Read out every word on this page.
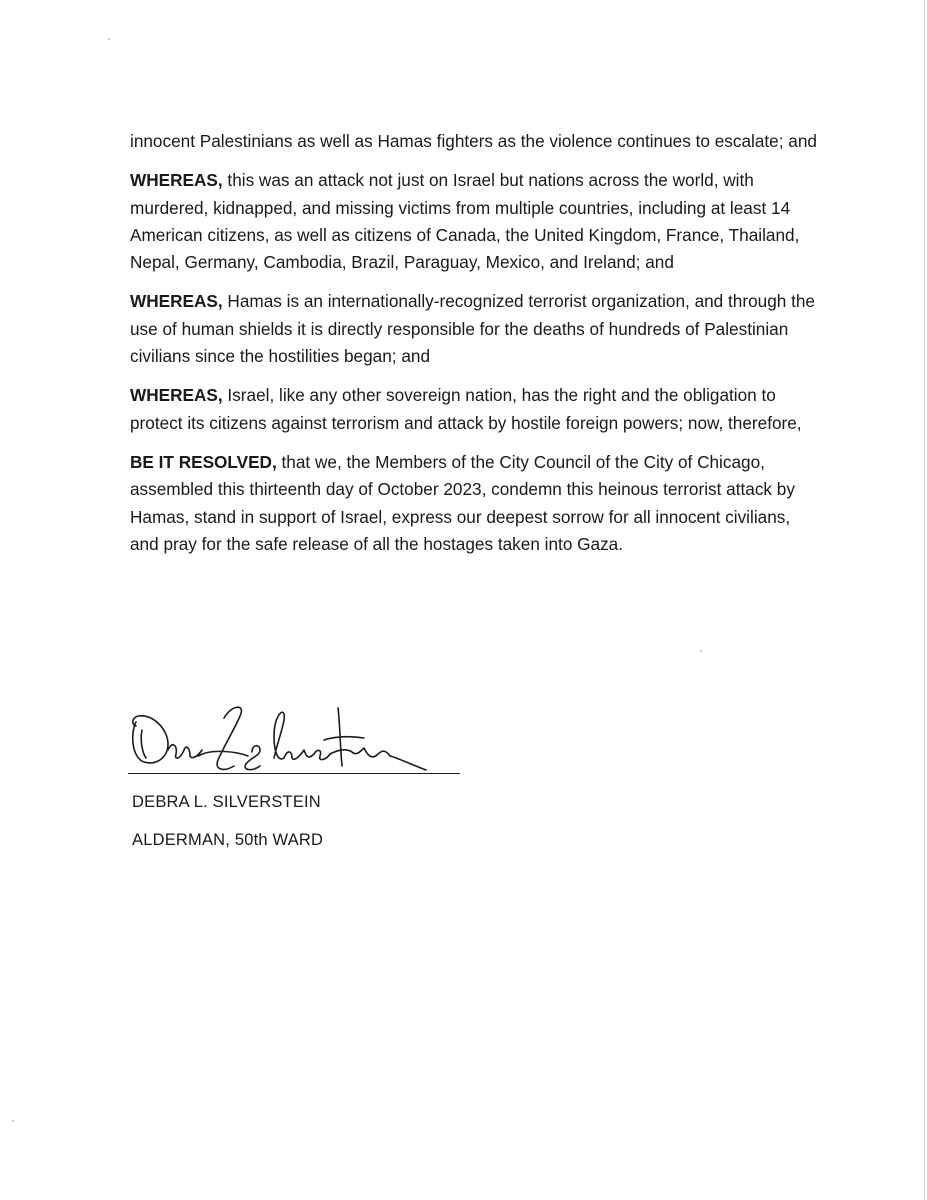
innocent Palestinians as well as Hamas fighters as the violence continues to escalate; and

WHEREAS, this was an attack not just on Israel but nations across the world, with murdered, kidnapped, and missing victims from multiple countries, including at least 14 American citizens, as well as citizens of Canada, the United Kingdom, France, Thailand, Nepal, Germany, Cambodia, Brazil, Paraguay, Mexico, and Ireland; and

WHEREAS, Hamas is an internationally-recognized terrorist organization, and through the use of human shields it is directly responsible for the deaths of hundreds of Palestinian civilians since the hostilities began; and

WHEREAS, Israel, like any other sovereign nation, has the right and the obligation to protect its citizens against terrorism and attack by hostile foreign powers; now, therefore,

BE IT RESOLVED, that we, the Members of the City Council of the City of Chicago, assembled this thirteenth day of October 2023, condemn this heinous terrorist attack by Hamas, stand in support of Israel, express our deepest sorrow for all innocent civilians, and pray for the safe release of all the hostages taken into Gaza.

DEBRA L. SILVERSTEIN
ALDERMAN, 50th WARD
